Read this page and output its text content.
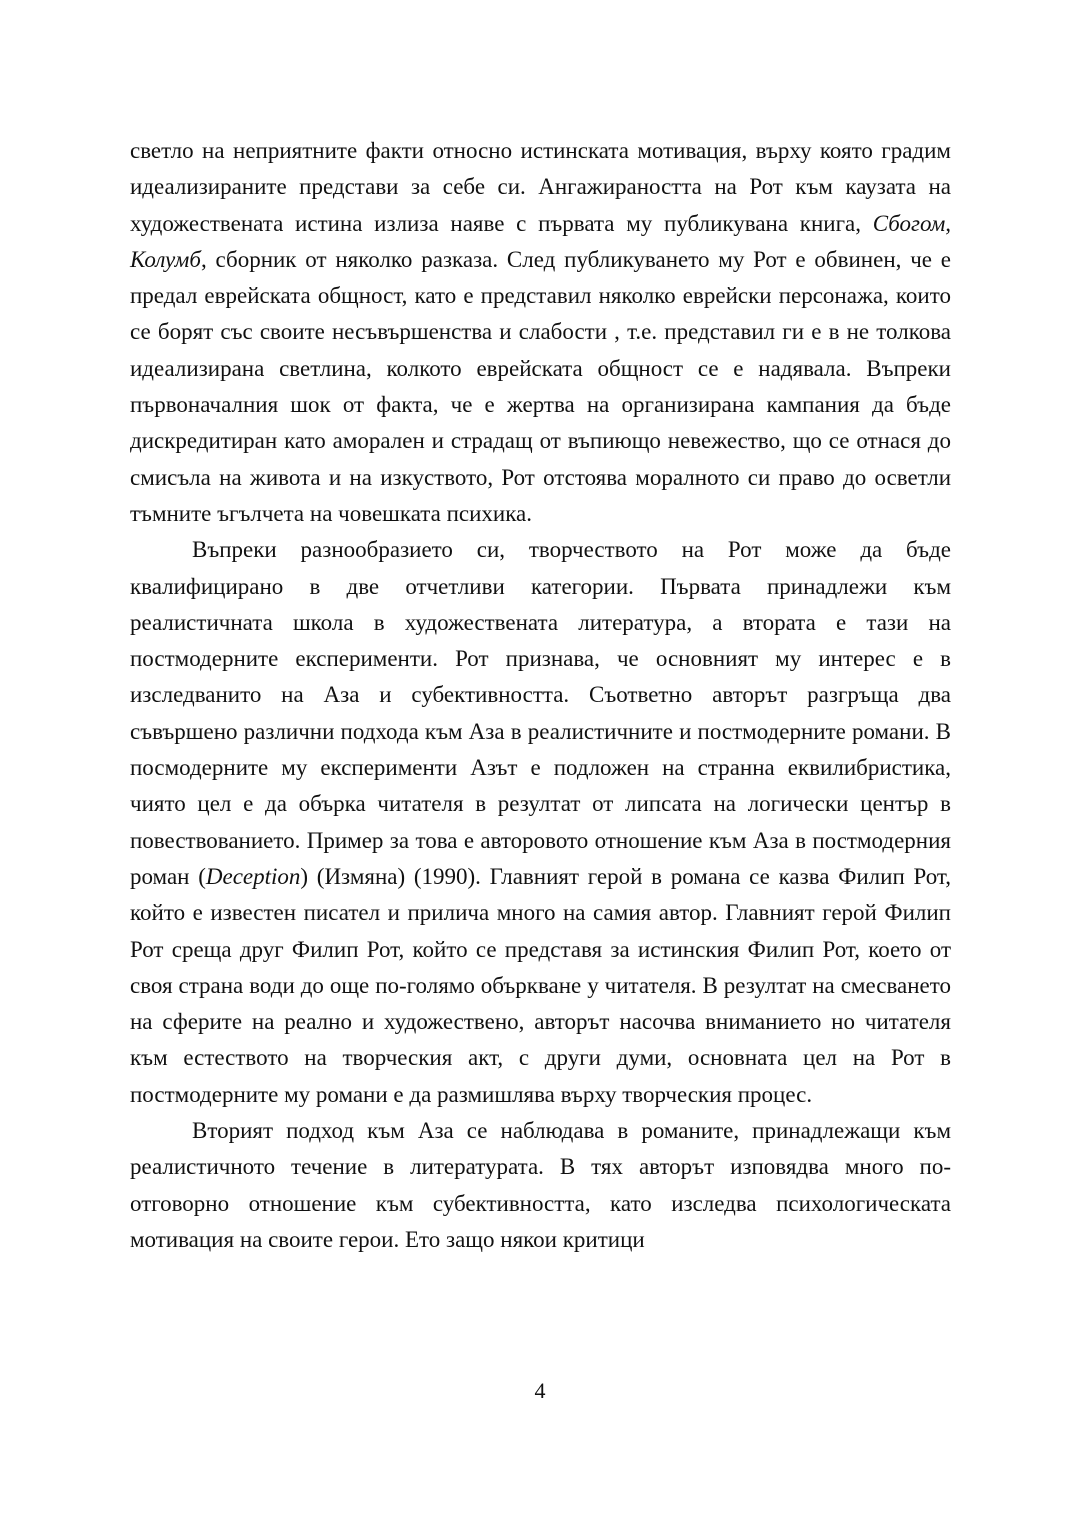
светло на неприятните факти относно истинската мотивация, върху която градим идеализираните представи за себе си. Ангажираността на Рот към каузата на художествената истина излиза наяве с първата му публикувана книга, Сбогом, Колумб, сборник от няколко разказа. След публикуването му Рот е обвинен, че е предал еврейската общност, като е представил няколко еврейски персонажа, които се борят със своите несъвършенства и слабости , т.е. представил ги е в не толкова идеализирана светлина, колкото еврейската общност се е надявала. Въпреки първоначалния шок от факта, че е жертва на организирана кампания да бъде дискредитиран като аморален и страдащ от въпиющо невежество, що се отнася до смисъла на живота и на изкуството, Рот отстоява моралното си право до осветли тъмните ъгълчета на човешката психика.

Въпреки разнообразието си, творчеството на Рот може да бъде квалифицирано в две отчетливи категории. Първата принадлежи към реалистичната школа в художествената литература, а втората е тази на постмодерните експерименти. Рот признава, че основният му интерес е в изследванито на Аза и субективността. Съответно авторът разгръща два съвършено различни подхода към Аза в реалистичните и постмодерните романи. В посмодерните му експерименти Азът е подложен на странна еквилибристика, чиято цел е да обърка читателя в резултат от липсата на логически център в повествованието. Пример за това е авторовото отношение към Аза в постмодерния роман (Deception) (Измяна) (1990). Главният герой в романа се казва Филип Рот, който е известен писател и прилича много на самия автор. Главният герой Филип Рот среща друг Филип Рот, който се представя за истинския Филип Рот, което от своя страна води до още по-голямо объркване у читателя. В резултат на смесването на сферите на реално и художествено, авторът насочва вниманието но читателя към естеството на творческия акт, с други думи, основната цел на Рот в постмодерните му романи е да размишлява върху творческия процес.

Вторият подход към Аза се наблюдава в романите, принадлежащи към реалистичното течение в литературата. В тях авторът изповядва много по-отговорно отношение към субективността, като изследва психологическата мотивация на своите герои. Ето защо някои критици

4
